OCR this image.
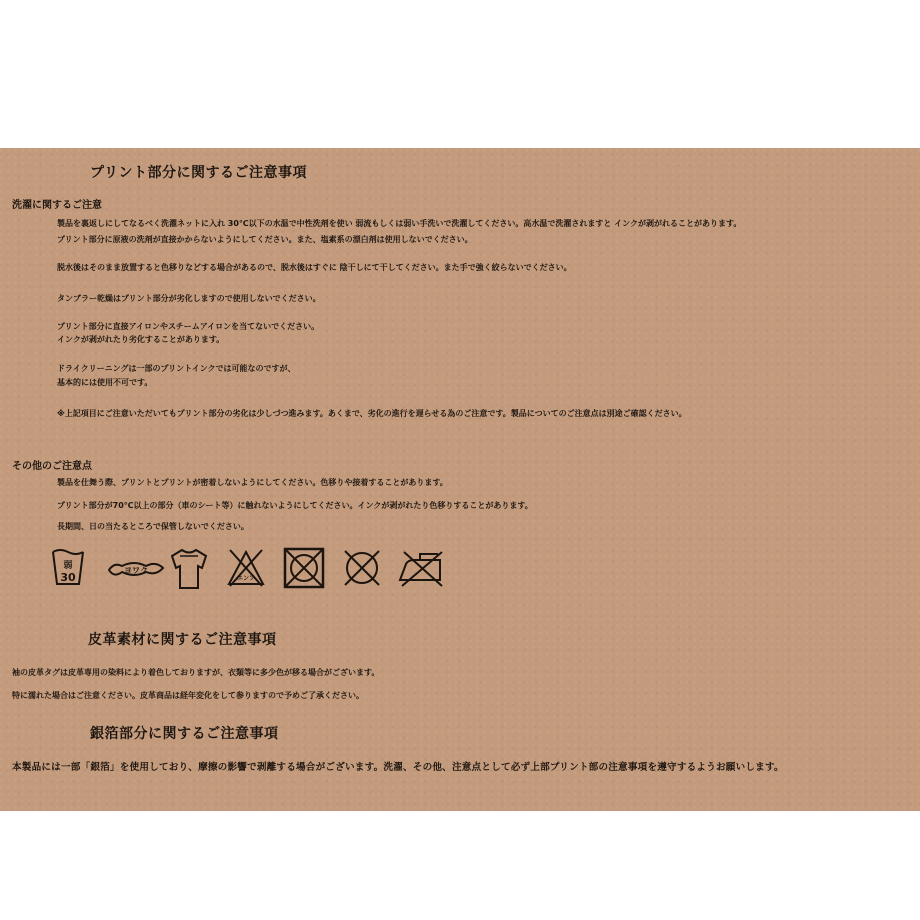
プリント部分に関するご注意事項
洗濯に関するご注意
製品を裏返しにしてなるべく洗濯ネットに入れ 30℃以下の水温で中性洗剤を使い 弱流もしくは弱い手洗いで洗濯してください。高水温で洗濯されますと インクが剥がれることがあります。
プリント部分に原液の洗剤が直接かからないようにしてください。また、塩素系の漂白剤は使用しないでください。
脱水後はそのまま放置すると色移りなどする場合があるので、脱水後はすぐに 陰干しにて干してください。また手で強く絞らないでください。
タンブラー乾燥はプリント部分が劣化しますので使用しないでください。
プリント部分に直接アイロンやスチームアイロンを当てないでください。
インクが剥がれたり劣化することがあります。
ドライクリーニングは一部のプリントインクでは可能なのですが、
基本的には使用不可です。
※上記項目にご注意いただいてもプリント部分の劣化は少しづつ進みます。あくまで、劣化の進行を遅らせる為のご注意です。製品についてのご注意点は別途ご確認ください。
その他のご注意点
製品を仕舞う際、プリントとプリントが密着しないようにしてください。色移りや接着することがあります。
プリント部分が70℃以上の部分（車のシート等）に触れないようにしてください。インクが剥がれたり色移りすることがあります。
長期間、日の当たるところで保管しないでください。
弱
30
ヨワク
エンソ
皮革素材に関するご注意事項
袖の皮革タグは皮革専用の染料により着色しておりますが、衣類等に多少色が移る場合がございます。
特に濡れた場合はご注意ください。皮革商品は経年変化をして参りますので予めご了承ください。
銀箔部分に関するご注意事項
本製品には一部「銀箔」を使用しており、摩擦の影響で剥離する場合がございます。洗濯、その他、注意点として必ず上部プリント部の注意事項を遵守するようお願いします。
